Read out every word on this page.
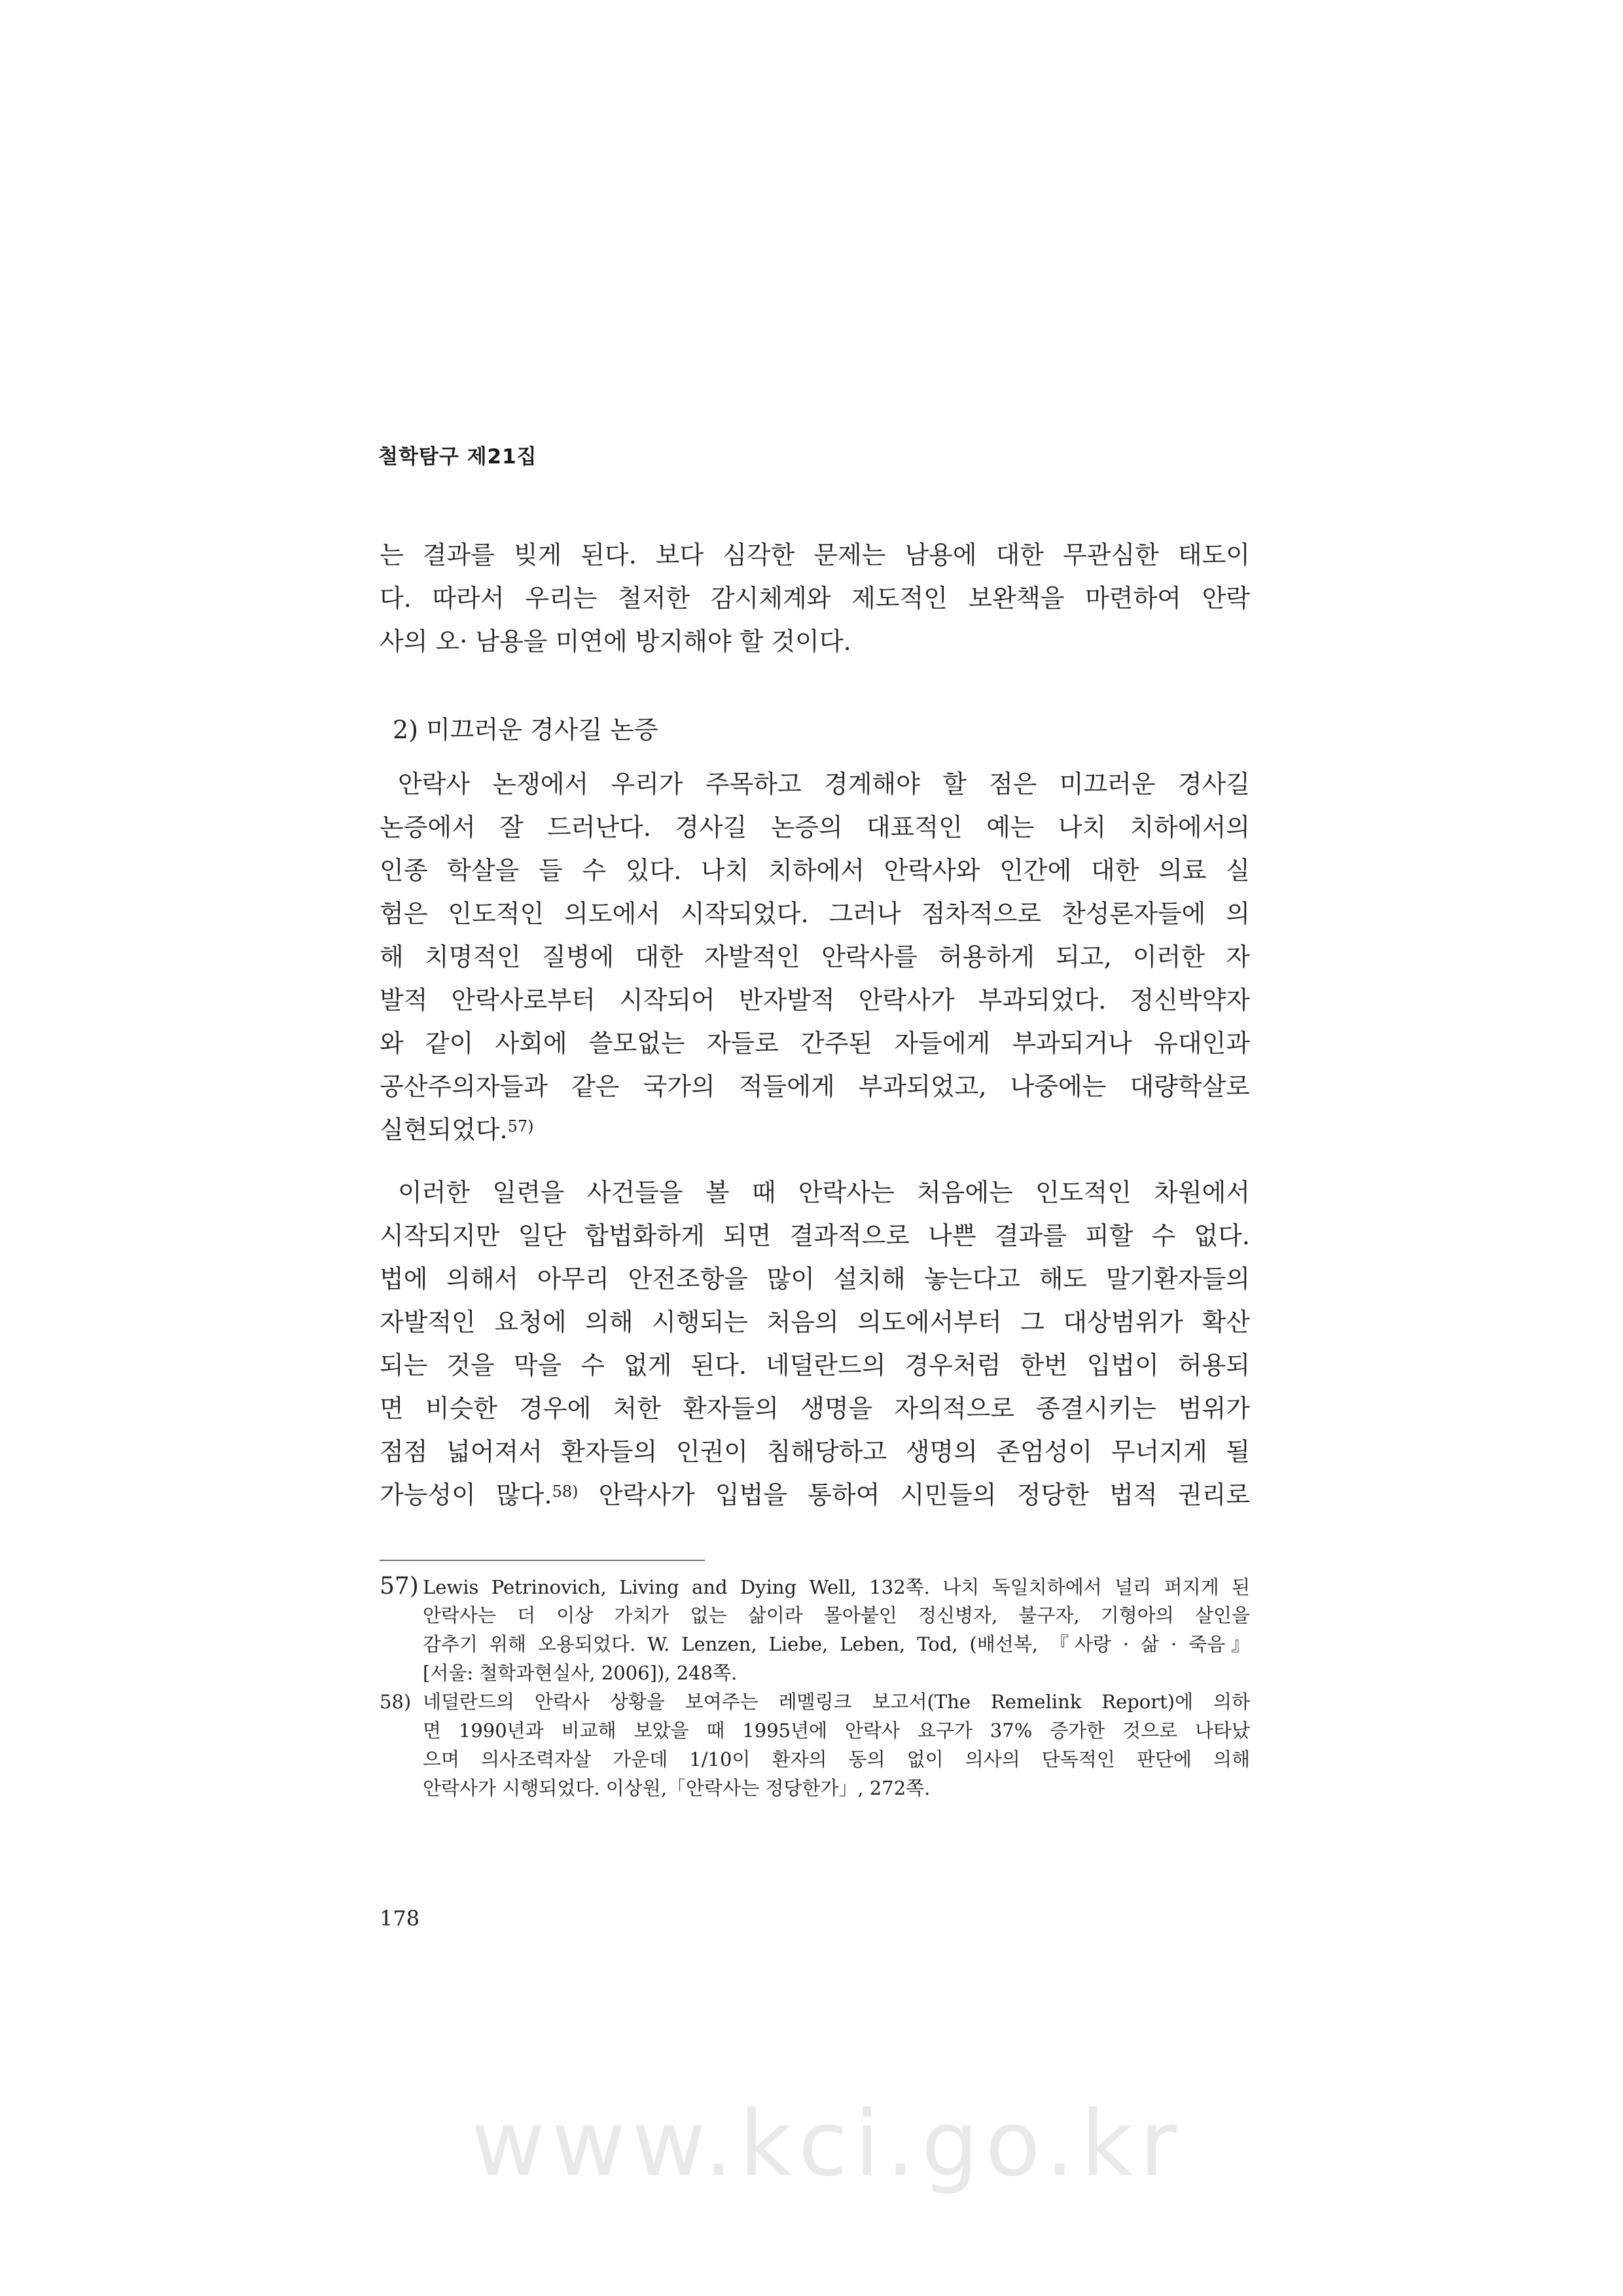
철학탐구 제21집
는 결과를 빚게 된다. 보다 심각한 문제는 남용에 대한 무관심한 태도이
다. 따라서 우리는 철저한 감시체계와 제도적인 보완책을 마련하여 안락
사의 오· 남용을 미연에 방지해야 할 것이다.
2) 미끄러운 경사길 논증
안락사 논쟁에서 우리가 주목하고 경계해야 할 점은 미끄러운 경사길
논증에서 잘 드러난다. 경사길 논증의 대표적인 예는 나치 치하에서의
인종 학살을 들 수 있다. 나치 치하에서 안락사와 인간에 대한 의료 실
험은 인도적인 의도에서 시작되었다. 그러나 점차적으로 찬성론자들에 의
해 치명적인 질병에 대한 자발적인 안락사를 허용하게 되고, 이러한 자
발적 안락사로부터 시작되어 반자발적 안락사가 부과되었다. 정신박약자
와 같이 사회에 쓸모없는 자들로 간주된 자들에게 부과되거나 유대인과
공산주의자들과 같은 국가의 적들에게 부과되었고, 나중에는 대량학살로
실현되었다.$^{57)}$
이러한 일련을 사건들을 볼 때 안락사는 처음에는 인도적인 차원에서
시작되지만 일단 합법화하게 되면 결과적으로 나쁜 결과를 피할 수 없다.
법에 의해서 아무리 안전조항을 많이 설치해 놓는다고 해도 말기환자들의
자발적인 요청에 의해 시행되는 처음의 의도에서부터 그 대상범위가 확산
되는 것을 막을 수 없게 된다. 네덜란드의 경우처럼 한번 입법이 허용되
면 비슷한 경우에 처한 환자들의 생명을 자의적으로 종결시키는 범위가
점점 넓어져서 환자들의 인권이 침해당하고 생명의 존엄성이 무너지게 될
가능성이 많다.$^{58)}$ 안락사가 입법을 통하여 시민들의 정당한 법적 권리로
57) Lewis Petrinovich, Living and Dying Well, 132쪽. 나치 독일치하에서 널리 퍼지게 된
안락사는 더 이상 가치가 없는 삶이라 몰아붙인 정신병자, 불구자, 기형아의 살인을
감추기 위해 오용되었다. W. Lenzen, Liebe, Leben, Tod, (배선복, 『사랑 · 삶 · 죽음』
[서울: 철학과현실사, 2006]), 248쪽.
58) 네덜란드의 안락사 상황을 보여주는 레멜링크 보고서(The Remelink Report)에 의하
면 1990년과 비교해 보았을 때 1995년에 안락사 요구가 37% 증가한 것으로 나타났
으며 의사조력자살 가운데 1/10이 환자의 동의 없이 의사의 단독적인 판단에 의해
안락사가 시행되었다. 이상원,「안락사는 정당한가」, 272쪽.
178
www.kci.go.kr
